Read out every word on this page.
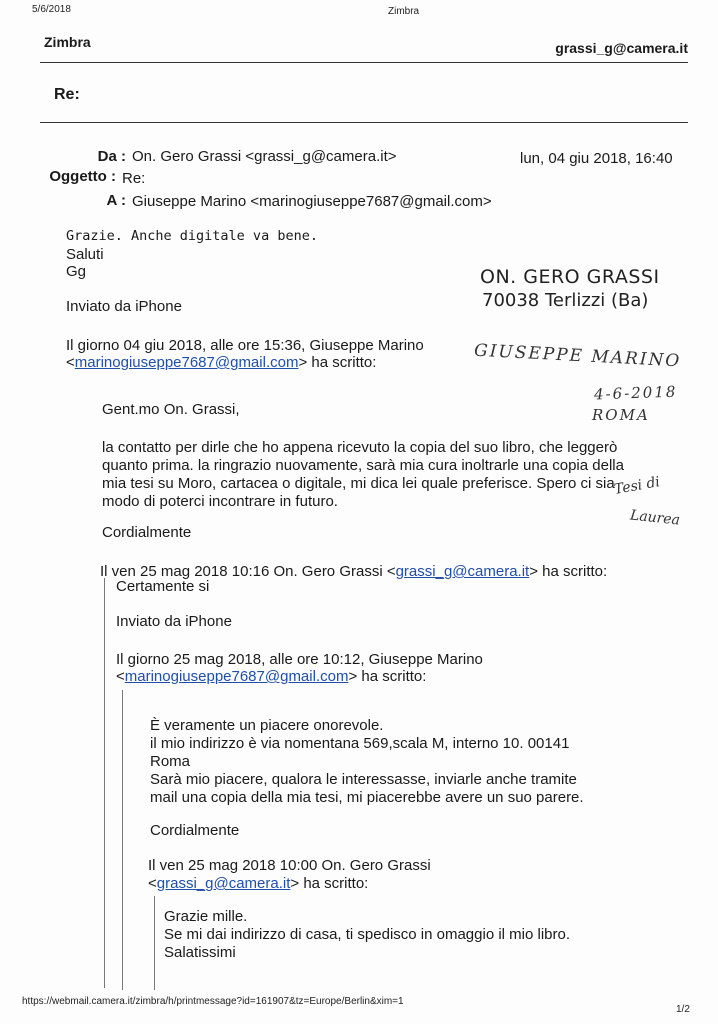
5/6/2018	Zimbra
Zimbra	grassi_g@camera.it
Re:
Da : On. Gero Grassi <grassi_g@camera.it>	lun, 04 giu 2018, 16:40
Oggetto : Re:
A : Giuseppe Marino <marinogiuseppe7687@gmail.com>
Grazie. Anche digitale va bene.
Saluti
Gg
Inviato da iPhone
ON. GERO GRASSI
70038 Terlizzi (Ba)
GIUSEPPE MARINO
4-6-2018
ROMA
Tesi di
Laurea
Il giorno 04 giu 2018, alle ore 15:36, Giuseppe Marino
<marinogiuseppe7687@gmail.com> ha scritto:
Gent.mo On. Grassi,
la contatto per dirle che ho appena ricevuto la copia del suo libro, che leggerò
quanto prima. la ringrazio nuovamente, sarà mia cura inoltrarle una copia della
mia tesi su Moro, cartacea o digitale, mi dica lei quale preferisce. Spero ci sia
modo di poterci incontrare in futuro.
Cordialmente
Il ven 25 mag 2018 10:16 On. Gero Grassi <grassi_g@camera.it> ha scritto:
Certamente si
Inviato da iPhone
Il giorno 25 mag 2018, alle ore 10:12, Giuseppe Marino
<marinogiuseppe7687@gmail.com> ha scritto:
È veramente un piacere onorevole.
il mio indirizzo è via nomentana 569,scala M, interno 10. 00141
Roma
Sarà mio piacere, qualora le interessasse, inviarle anche tramite
mail una copia della mia tesi, mi piacerebbe avere un suo parere.
Cordialmente
Il ven 25 mag 2018 10:00 On. Gero Grassi
<grassi_g@camera.it> ha scritto:
Grazie mille.
Se mi dai indirizzo di casa, ti spedisco in omaggio il mio libro.
Salatissimi
https://webmail.camera.it/zimbra/h/printmessage?id=161907&tz=Europe/Berlin&xim=1
1/2
